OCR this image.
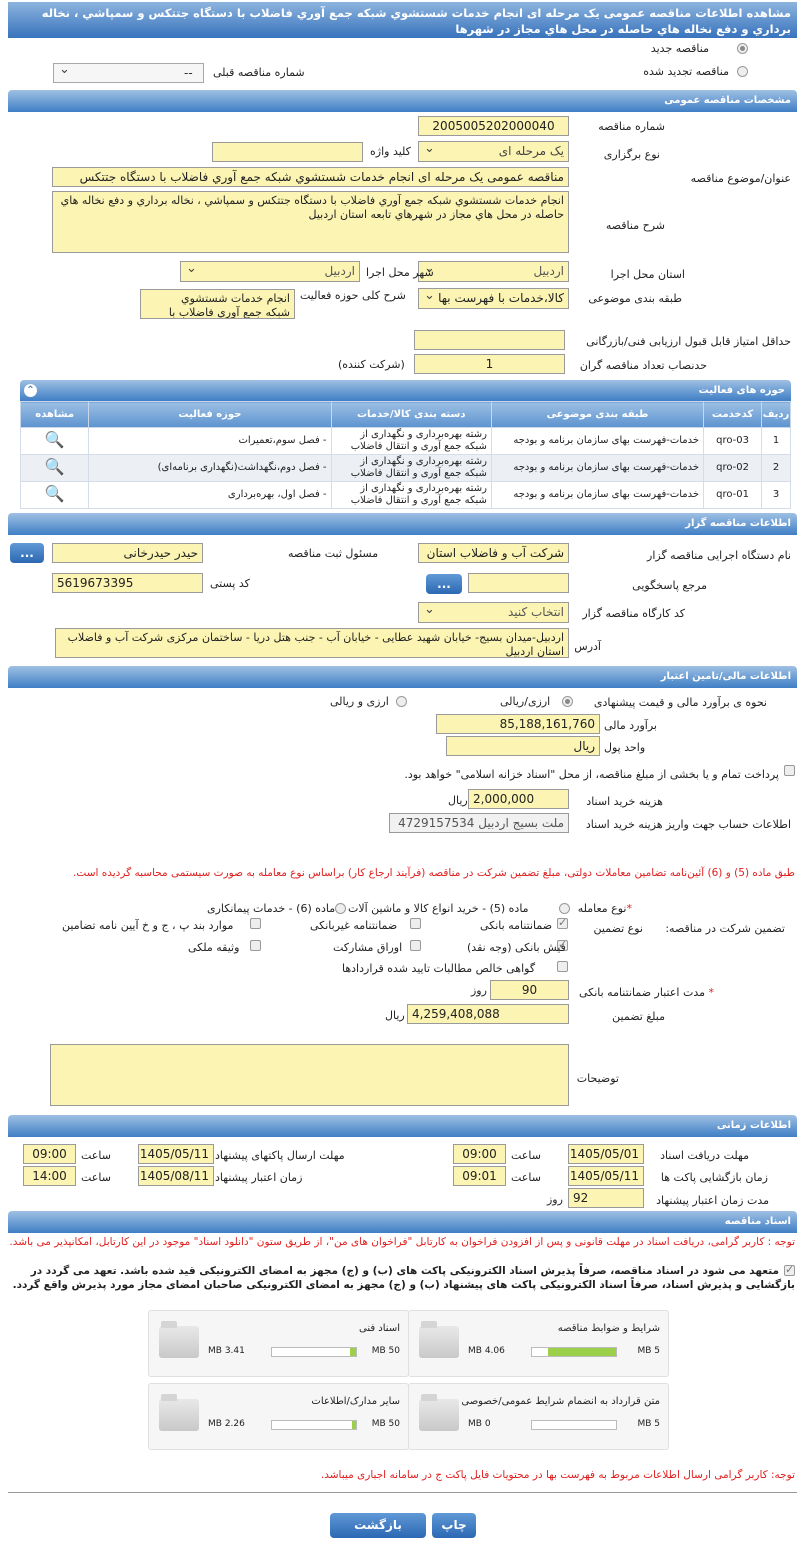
مشاهده اطلاعات مناقصه عمومی یک مرحله ای انجام خدمات شستشوي شبکه جمع آوري فاضلاب با دستگاه جتتکس و سمپاشي ، نخاله برداري و دفع نخاله هاي حاصله در محل هاي مجاز در شهرها
مناقصه جدید
مناقصه تجدید شده
شماره مناقصه قبلی
⌄ --
مشخصات مناقصه عمومی
شماره مناقصه
2005005202000040
نوع برگزاری
⌄ یک مرحله ای
کلید واژه
عنوان/موضوع مناقصه
مناقصه عمومی یک مرحله ای انجام خدمات شستشوي شبکه جمع آوري فاضلاب با دستگاه جتتکس
شرح مناقصه
انجام خدمات شستشوي شبکه جمع آوري فاضلاب با دستگاه جتتکس و سمپاشي ، نخاله برداري و دفع نخاله هاي حاصله در محل هاي مجاز در شهرهاي تابعه استان اردبيل
استان محل اجرا
⌄ اردبیل
شهر محل اجرا
⌄ اردبیل
طبقه بندی موضوعی
⌄ کالا،خدمات با فهرست بها
شرح کلی حوزه فعالیت
انجام خدمات شستشوي شبکه جمع آوري فاضلاب با
حداقل امتیاز قابل قبول ارزیابی فنی/بازرگانی
حدنصاب تعداد مناقصه گران
1
(شرکت کننده)
حوزه های فعالیت
⌃
ردیف	کدخدمت	طبقه بندی موضوعی	دسته بندی کالا/خدمات	حوزه فعالیت	مشاهده
1	qro-03	خدمات-فهرست بهای سازمان برنامه و بودجه	رشته بهره‌برداری و نگهداری از شبکه جمع آوری و انتقال فاضلاب	- فصل سوم،تعمیرات	🔍
2	qro-02	خدمات-فهرست بهای سازمان برنامه و بودجه	رشته بهره‌برداری و نگهداری از شبکه جمع آوری و انتقال فاضلاب	- فصل دوم،نگهداشت(نگهداری برنامه‌ای)	🔍
3	qro-01	خدمات-فهرست بهای سازمان برنامه و بودجه	رشته بهره‌برداری و نگهداری از شبکه جمع آوری و انتقال فاضلاب	- فصل اول، بهره‌برداری	🔍
اطلاعات مناقصه گزار
نام دستگاه اجرایی مناقصه گزار
شرکت آب و فاضلاب استان
مسئول ثبت مناقصه
حیدر حیدرخانی
...
مرجع پاسخگویی
...
کد پستی
5619673395
کد کارگاه مناقصه گزار
⌄ انتخاب کنید
آدرس
اردبیل-میدان بسیج- خیابان شهید عطایی - خیابان آب - جنب هتل دریا - ساختمان مرکزی شرکت آب و فاضلاب استان اردبیل
اطلاعات مالی/تامین اعتبار
نحوه ی برآورد مالی و قیمت پیشنهادی
ارزی/ریالی
ارزی و ریالی
برآورد مالی
85,188,161,760
واحد پول
ریال
پرداخت تمام و یا بخشی از مبلغ مناقصه، از محل "اسناد خزانه اسلامی" خواهد بود.
هزینه خرید اسناد
2,000,000
ریال
اطلاعات حساب جهت واریز هزینه خرید اسناد
ملت بسیج اردبیل 4729157534
طبق ماده (5) و (6) آئین‌نامه تضامین معاملات دولتی، مبلغ تضمین شرکت در مناقصه (فرآیند ارجاع کار) براساس نوع معامله به صورت سیستمی محاسبه گردیده است.
*نوع معامله
ماده (5) - خرید انواع کالا و ماشین آلات
ماده (6) - خدمات پیمانکاری
تضمین شرکت در مناقصه:
نوع تضمین
✓
ضمانتنامه بانکی
ضمانتنامه غیربانکی
موارد بند پ ، ج و خ آیین نامه تضامین
✓
فیش بانکی (وجه نقد)
اوراق مشارکت
وثیقه ملکی
گواهی خالص مطالبات تایید شده قراردادها
* مدت اعتبار ضمانتنامه بانکی
90
روز
مبلغ تضمین
4,259,408,088
ریال
توضیحات
اطلاعات زمانی
مهلت دریافت اسناد
1405/05/01
ساعت
09:00
مهلت ارسال پاکتهای پیشنهاد
1405/05/11
ساعت
09:00
زمان بازگشایی پاکت ها
1405/05/11
ساعت
09:01
زمان اعتبار پیشنهاد
1405/08/11
ساعت
14:00
مدت زمان اعتبار پیشنهاد
92
روز
اسناد مناقصه
توجه : کاربر گرامی، دریافت اسناد در مهلت قانونی و پس از افزودن فراخوان به کارتابل "فراخوان های من"، از طریق ستون "دانلود اسناد" موجود در این کارتابل، امکانپذیر می باشد.
✓
متعهد می شود در اسناد مناقصه، صرفاً پذیرش اسناد الکترونیکی پاکت های (ب) و (ج) مجهز به امضای الکترونیکی قید شده باشد. تعهد می گردد در بازگشایی و پذیرش اسناد، صرفاً اسناد الکترونیکی پاکت های پیشنهاد (ب) و (ج) مجهز به امضای الکترونیکی صاحبان امضای مجاز مورد پذیرش واقع گردد.
شرایط و ضوابط مناقصه
5 MB
4.06 MB
اسناد فنی
50 MB
3.41 MB
متن قرارداد به انضمام شرایط عمومی/خصوصی
5 MB
0 MB
سایر مدارک/اطلاعات
50 MB
2.26 MB
توجه: کاربر گرامی ارسال اطلاعات مربوط به فهرست بها در محتویات فایل پاکت ج در سامانه اجباری میباشد.
چاپ
بازگشت
